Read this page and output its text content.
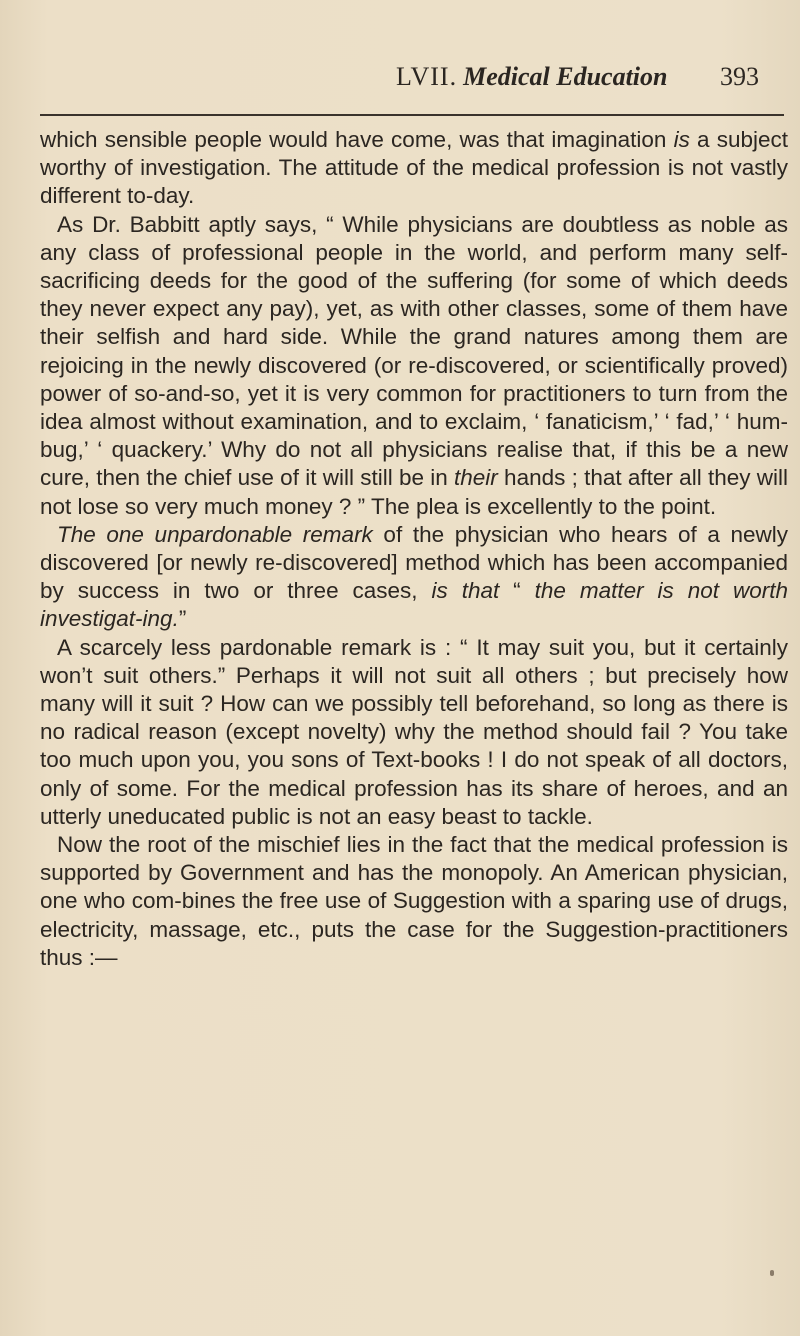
LVII. Medical Education 393

which sensible people would have come, was that imagination is a subject worthy of investigation. The attitude of the medical profession is not vastly different to-day.

As Dr. Babbitt aptly says, “ While physicians are doubtless as noble as any class of professional people in the world, and perform many self-sacrificing deeds for the good of the suffering (for some of which deeds they never expect any pay), yet, as with other classes, some of them have their selfish and hard side. While the grand natures among them are rejoicing in the newly discovered (or re-discovered, or scientifically proved) power of so-and-so, yet it is very common for practitioners to turn from the idea almost without examination, and to exclaim, ‘ fanaticism,’ ‘ fad,’ ‘ hum-bug,’ ‘ quackery.’ Why do not all physicians realise that, if this be a new cure, then the chief use of it will still be in their hands ; that after all they will not lose so very much money ? ” The plea is excellently to the point.

The one unpardonable remark of the physician who hears of a newly discovered [or newly re-discovered] method which has been accompanied by success in two or three cases, is that “ the matter is not worth investigat-ing.”

A scarcely less pardonable remark is : “ It may suit you, but it certainly won’t suit others.” Perhaps it will not suit all others ; but precisely how many will it suit ? How can we possibly tell beforehand, so long as there is no radical reason (except novelty) why the method should fail ? You take too much upon you, you sons of Text-books ! I do not speak of all doctors, only of some. For the medical profession has its share of heroes, and an utterly uneducated public is not an easy beast to tackle.

Now the root of the mischief lies in the fact that the medical profession is supported by Government and has the monopoly. An American physician, one who com-bines the free use of Suggestion with a sparing use of drugs, electricity, massage, etc., puts the case for the Suggestion-practitioners thus :—
